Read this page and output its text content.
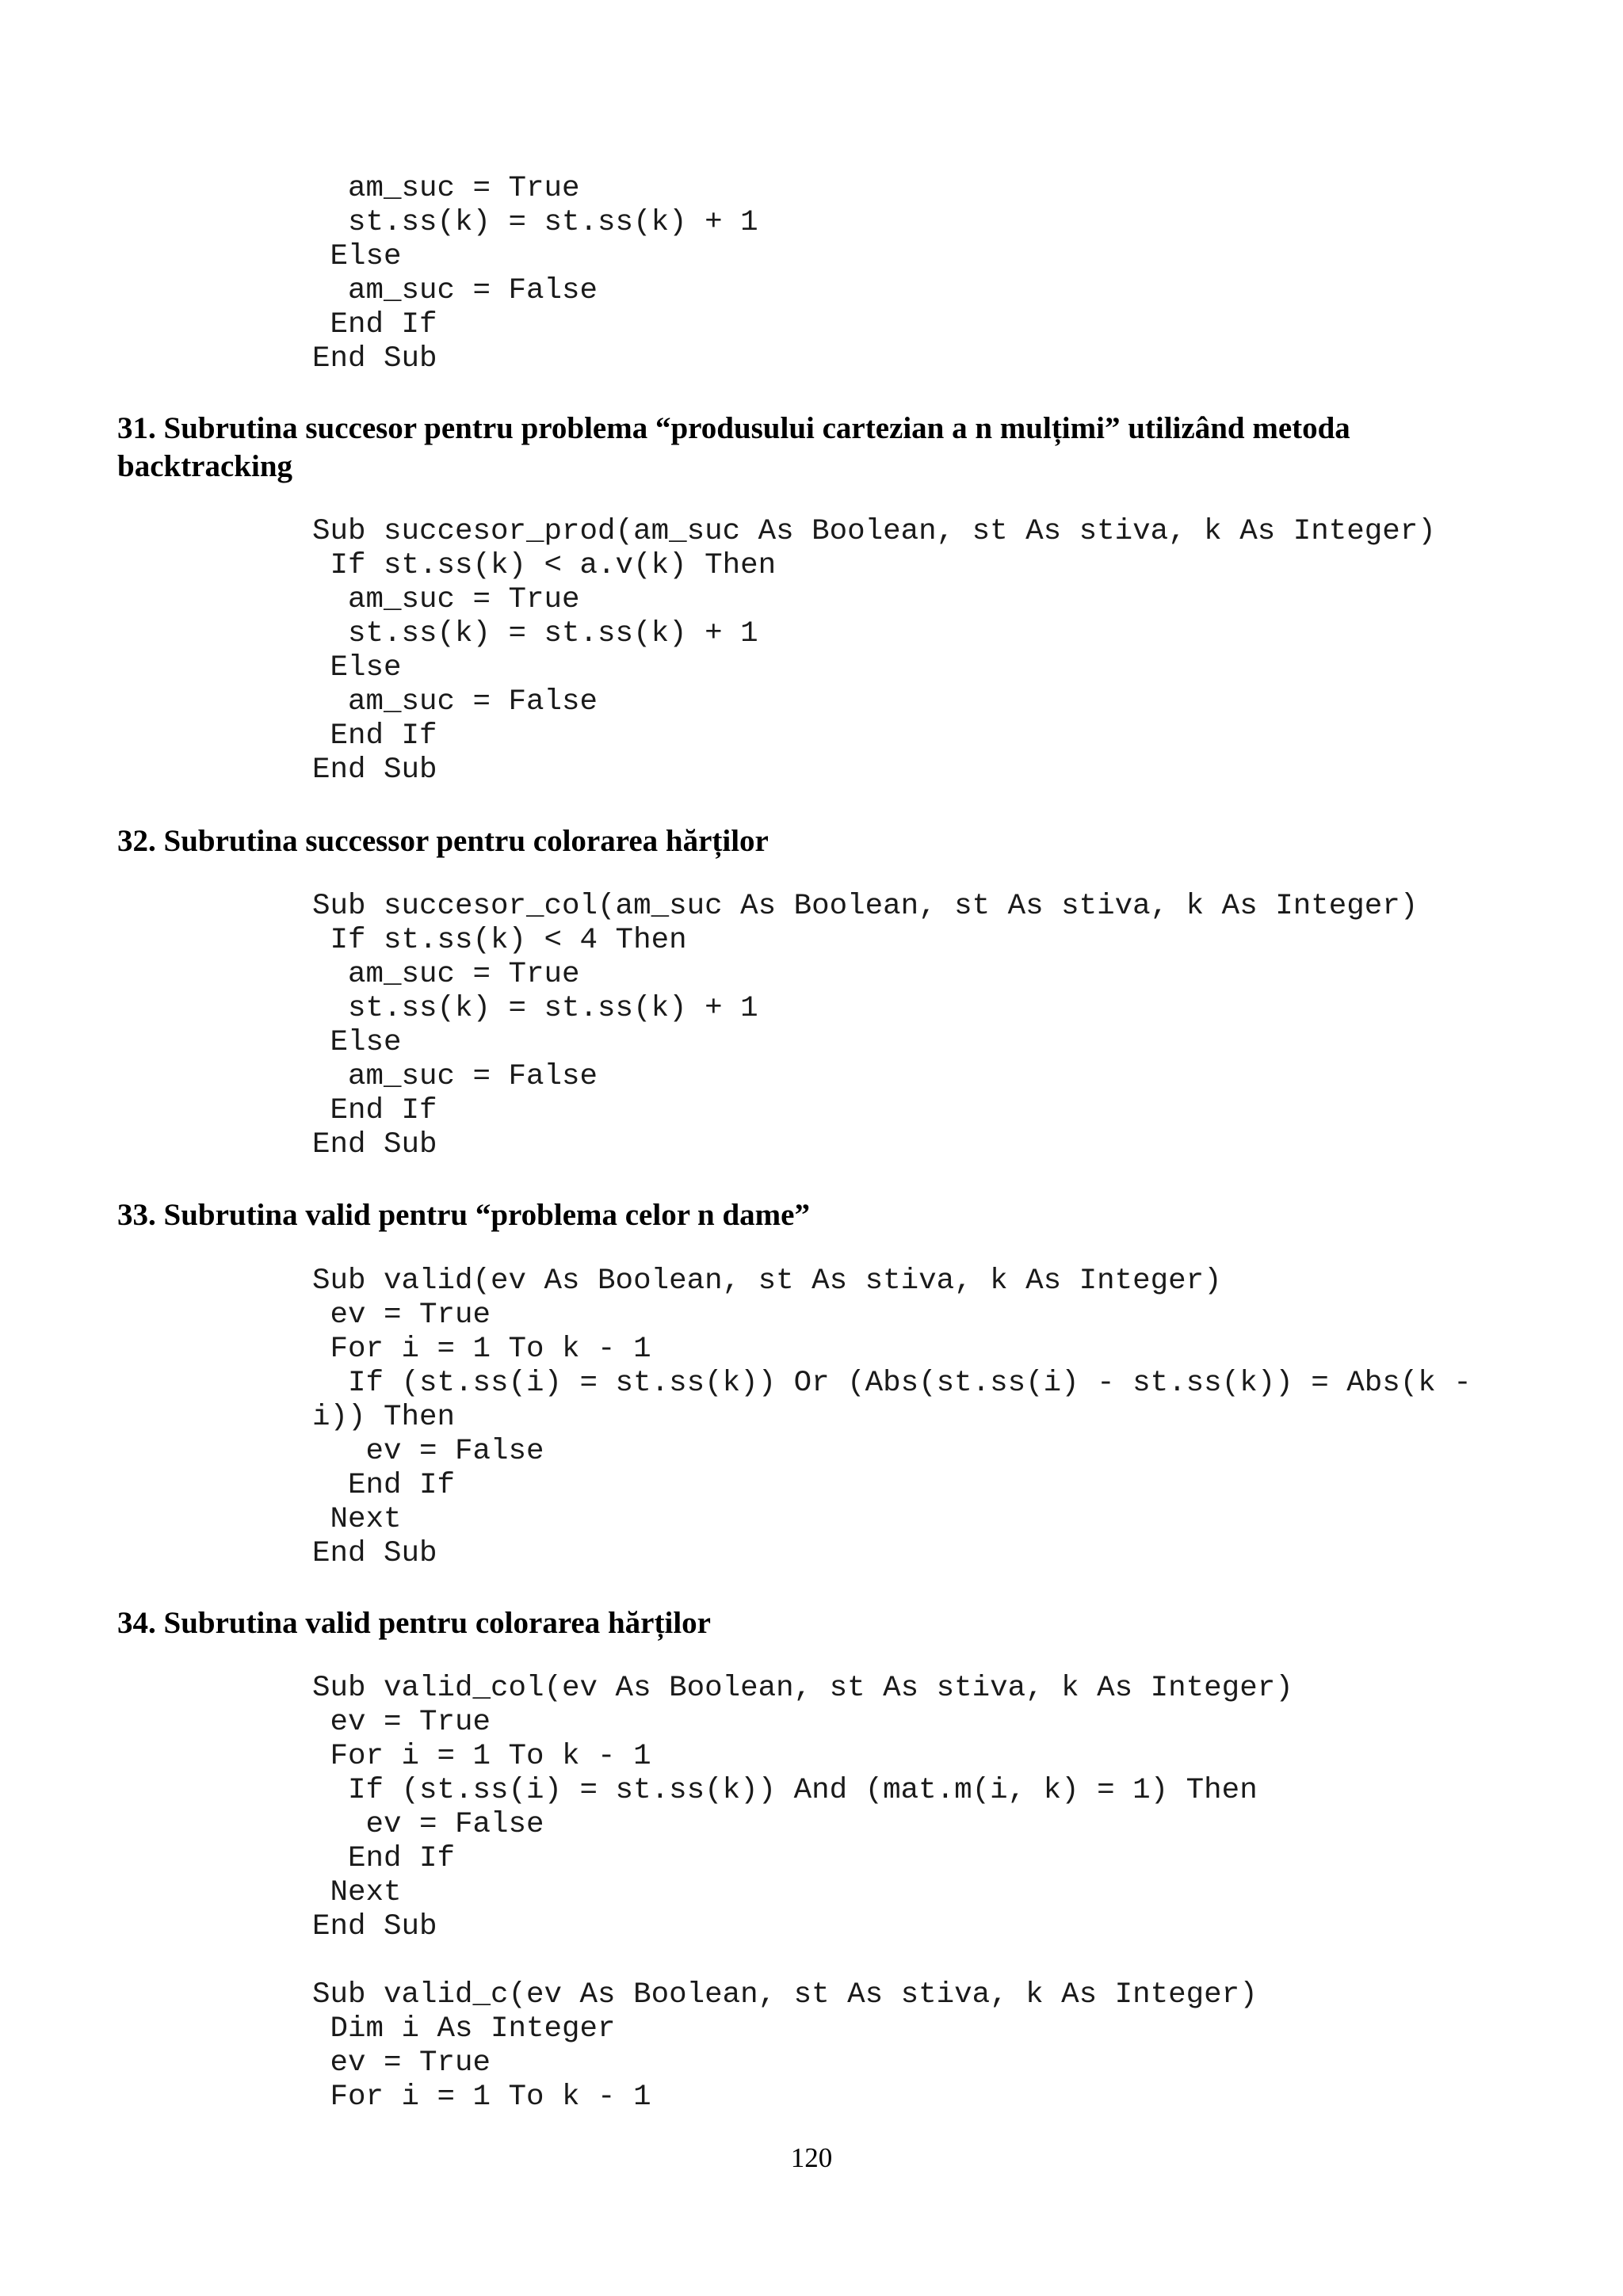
am_suc = True
st.ss(k) = st.ss(k) + 1
Else
am_suc = False
End If
End Sub
31. Subrutina succesor pentru problema “produsului cartezian a n mulțimi” utilizând metoda backtracking
Sub succesor_prod(am_suc As Boolean, st As stiva, k As Integer)
If st.ss(k) < a.v(k) Then
am_suc = True
st.ss(k) = st.ss(k) + 1
Else
am_suc = False
End If
End Sub
32. Subrutina successor pentru colorarea hărților
Sub succesor_col(am_suc As Boolean, st As stiva, k As Integer)
If st.ss(k) < 4 Then
am_suc = True
st.ss(k) = st.ss(k) + 1
Else
am_suc = False
End If
End Sub
33. Subrutina valid pentru “problema celor n dame”
Sub valid(ev As Boolean, st As stiva, k As Integer)
ev = True
For i = 1 To k - 1
If (st.ss(i) = st.ss(k)) Or (Abs(st.ss(i) - st.ss(k)) = Abs(k -
i)) Then
ev = False
End If
Next
End Sub
34. Subrutina valid pentru colorarea hărților
Sub valid_col(ev As Boolean, st As stiva, k As Integer)
ev = True
For i = 1 To k - 1
If (st.ss(i) = st.ss(k)) And (mat.m(i, k) = 1) Then
ev = False
End If
Next
End Sub
Sub valid_c(ev As Boolean, st As stiva, k As Integer)
Dim i As Integer
ev = True
For i = 1 To k - 1
120
